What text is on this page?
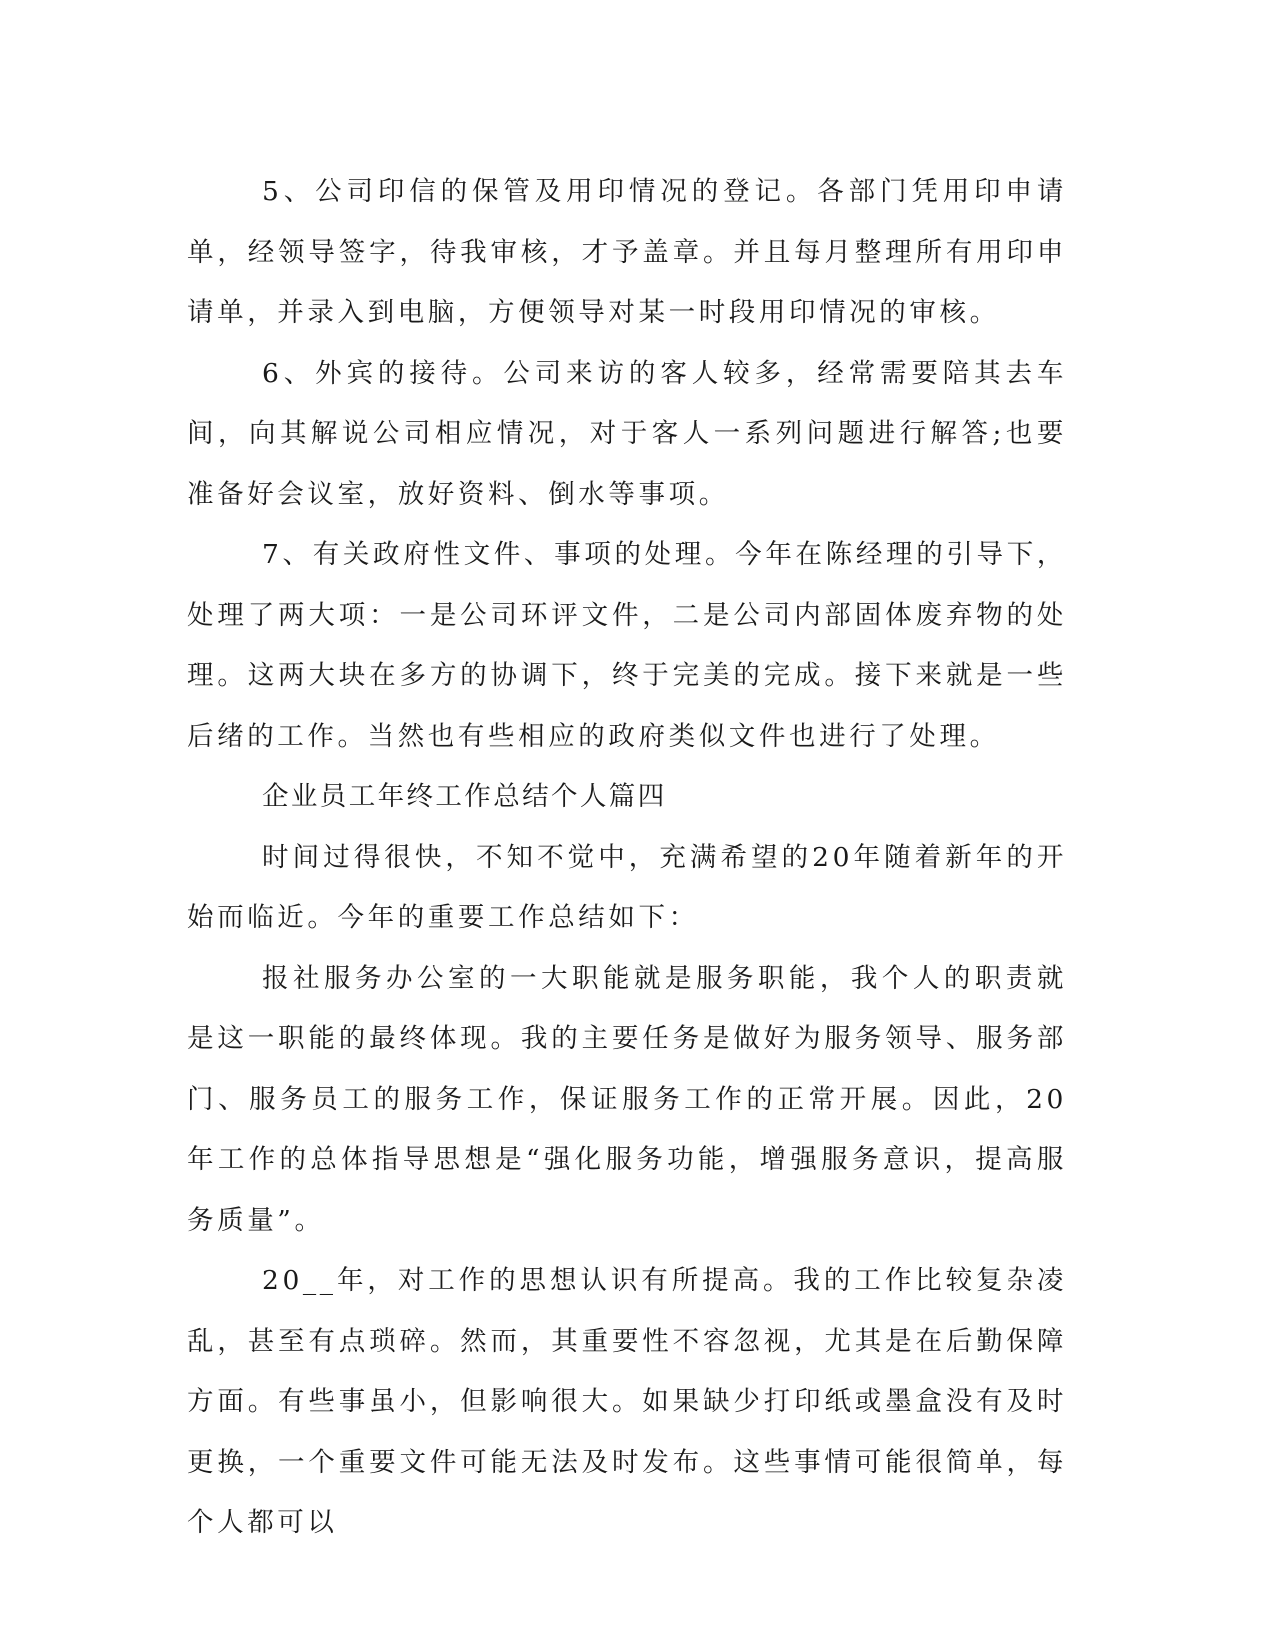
5、公司印信的保管及用印情况的登记。各部门凭用印申请单，经领导签字，待我审核，才予盖章。并且每月整理所有用印申请单，并录入到电脑，方便领导对某一时段用印情况的审核。

6、外宾的接待。公司来访的客人较多，经常需要陪其去车间，向其解说公司相应情况，对于客人一系列问题进行解答;也要准备好会议室，放好资料、倒水等事项。

7、有关政府性文件、事项的处理。今年在陈经理的引导下，处理了两大项：一是公司环评文件，二是公司内部固体废弃物的处理。这两大块在多方的协调下，终于完美的完成。接下来就是一些后绪的工作。当然也有些相应的政府类似文件也进行了处理。

企业员工年终工作总结个人篇四

时间过得很快，不知不觉中，充满希望的20年随着新年的开始而临近。今年的重要工作总结如下：

报社服务办公室的一大职能就是服务职能，我个人的职责就是这一职能的最终体现。我的主要任务是做好为服务领导、服务部门、服务员工的服务工作，保证服务工作的正常开展。因此，20年工作的总体指导思想是“强化服务功能，增强服务意识，提高服务质量”。

20__年，对工作的思想认识有所提高。我的工作比较复杂凌乱，甚至有点琐碎。然而，其重要性不容忽视，尤其是在后勤保障方面。有些事虽小，但影响很大。如果缺少打印纸或墨盒没有及时更换，一个重要文件可能无法及时发布。这些事情可能很简单，每个人都可以
